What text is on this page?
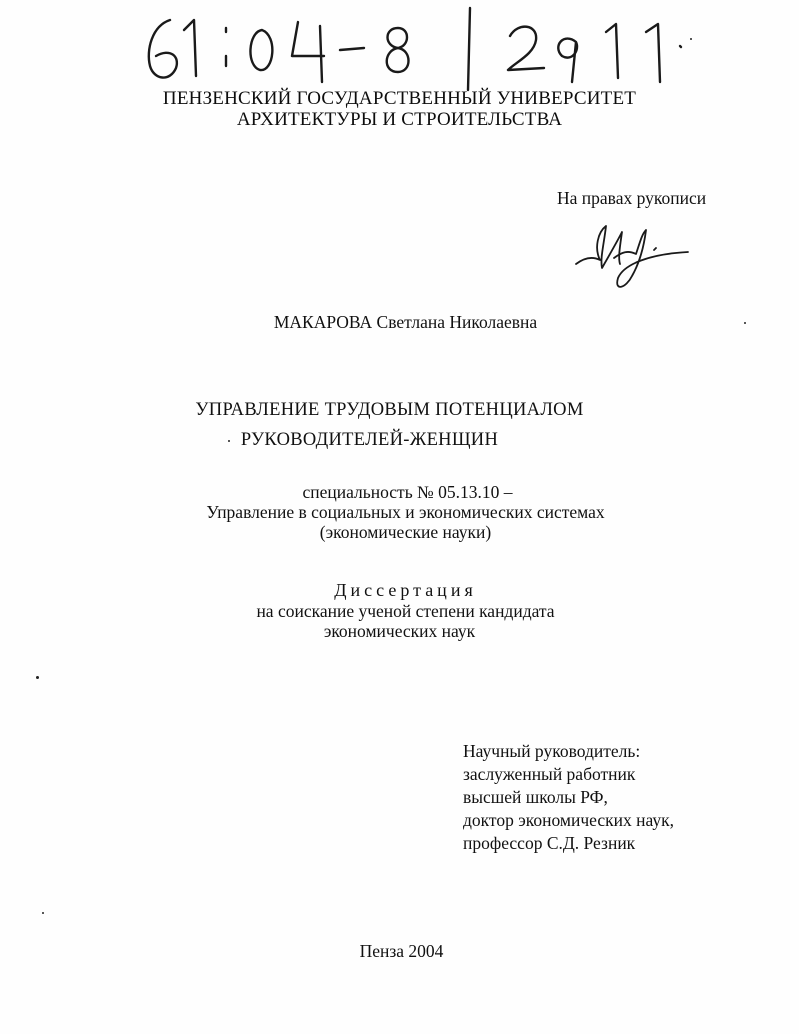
ПЕНЗЕНСКИЙ ГОСУДАРСТВЕННЫЙ УНИВЕРСИТЕТ
АРХИТЕКТУРЫ И СТРОИТЕЛЬСТВА
На правах рукописи
МАКАРОВА Светлана Николаевна
УПРАВЛЕНИЕ ТРУДОВЫМ ПОТЕНЦИАЛОМ
РУКОВОДИТЕЛЕЙ-ЖЕНЩИН
специальность № 05.13.10 –
Управление в социальных и экономических системах
(экономические науки)
Диссертация
на соискание ученой степени кандидата
экономических наук
Научный руководитель:
заслуженный работник
высшей школы РФ,
доктор экономических наук,
профессор С.Д. Резник
Пенза 2004
